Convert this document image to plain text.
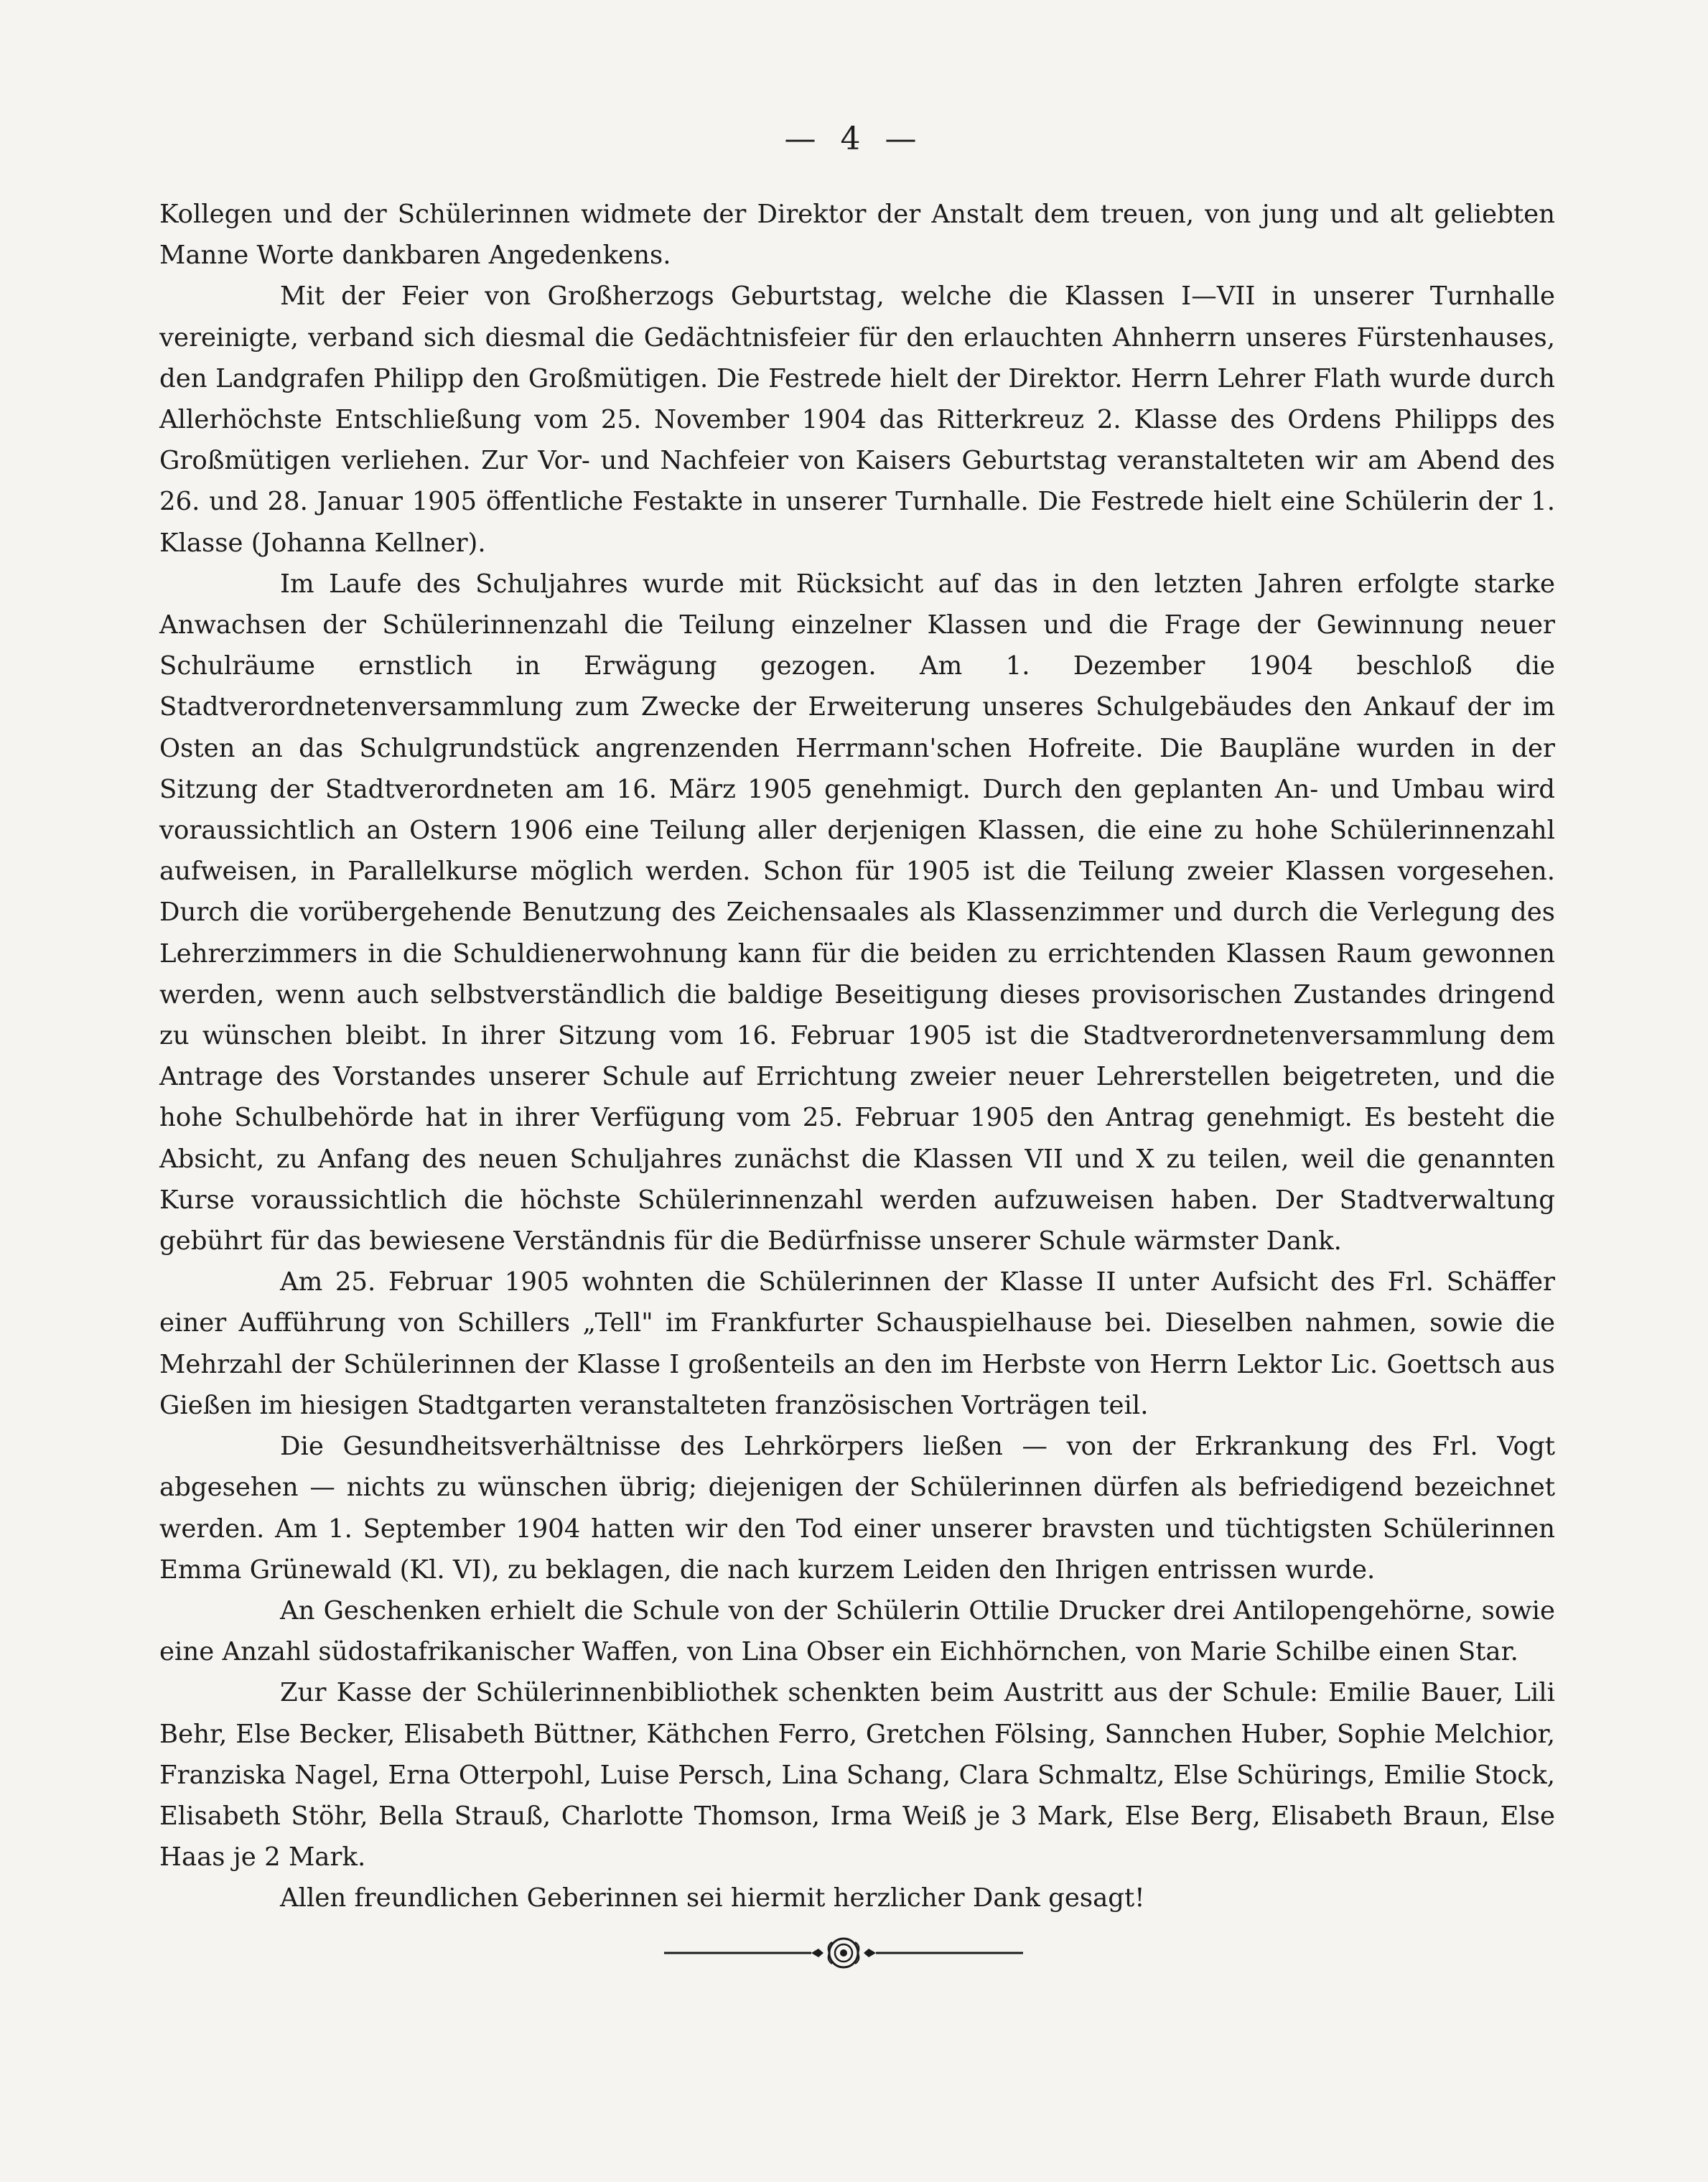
— 4 —

Kollegen und der Schülerinnen widmete der Direktor der Anstalt dem treuen, von jung und alt geliebten Manne Worte dankbaren Angedenkens.

Mit der Feier von Großherzogs Geburtstag, welche die Klassen I—VII in unserer Turnhalle vereinigte, verband sich diesmal die Gedächtnisfeier für den erlauchten Ahnherrn unseres Fürstenhauses, den Landgrafen Philipp den Großmütigen. Die Festrede hielt der Direktor. Herrn Lehrer Flath wurde durch Allerhöchste Entschließung vom 25. November 1904 das Ritterkreuz 2. Klasse des Ordens Philipps des Großmütigen verliehen. Zur Vor- und Nachfeier von Kaisers Geburtstag veranstalteten wir am Abend des 26. und 28. Januar 1905 öffentliche Festakte in unserer Turnhalle. Die Festrede hielt eine Schülerin der 1. Klasse (Johanna Kellner).

Im Laufe des Schuljahres wurde mit Rücksicht auf das in den letzten Jahren erfolgte starke Anwachsen der Schülerinnenzahl die Teilung einzelner Klassen und die Frage der Gewinnung neuer Schulräume ernstlich in Erwägung gezogen. Am 1. Dezember 1904 beschloß die Stadtverordnetenversammlung zum Zwecke der Erweiterung unseres Schulgebäudes den Ankauf der im Osten an das Schulgrundstück angrenzenden Herrmann'schen Hofreite. Die Baupläne wurden in der Sitzung der Stadtverordneten am 16. März 1905 genehmigt. Durch den geplanten An- und Umbau wird voraussichtlich an Ostern 1906 eine Teilung aller derjenigen Klassen, die eine zu hohe Schülerinnenzahl aufweisen, in Parallelkurse möglich werden. Schon für 1905 ist die Teilung zweier Klassen vorgesehen. Durch die vorübergehende Benutzung des Zeichensaales als Klassenzimmer und durch die Verlegung des Lehrerzimmers in die Schuldienerwohnung kann für die beiden zu errichtenden Klassen Raum gewonnen werden, wenn auch selbstverständlich die baldige Beseitigung dieses provisorischen Zustandes dringend zu wünschen bleibt. In ihrer Sitzung vom 16. Februar 1905 ist die Stadtverordnetenversammlung dem Antrage des Vorstandes unserer Schule auf Errichtung zweier neuer Lehrerstellen beigetreten, und die hohe Schulbehörde hat in ihrer Verfügung vom 25. Februar 1905 den Antrag genehmigt. Es besteht die Absicht, zu Anfang des neuen Schuljahres zunächst die Klassen VII und X zu teilen, weil die genannten Kurse voraussichtlich die höchste Schülerinnenzahl werden aufzuweisen haben. Der Stadtverwaltung gebührt für das bewiesene Verständnis für die Bedürfnisse unserer Schule wärmster Dank.

Am 25. Februar 1905 wohnten die Schülerinnen der Klasse II unter Aufsicht des Frl. Schäffer einer Aufführung von Schillers „Tell" im Frankfurter Schauspielhause bei. Dieselben nahmen, sowie die Mehrzahl der Schülerinnen der Klasse I großenteils an den im Herbste von Herrn Lektor Lic. Goettsch aus Gießen im hiesigen Stadtgarten veranstalteten französischen Vorträgen teil.

Die Gesundheitsverhältnisse des Lehrkörpers ließen — von der Erkrankung des Frl. Vogt abgesehen — nichts zu wünschen übrig; diejenigen der Schülerinnen dürfen als befriedigend bezeichnet werden. Am 1. September 1904 hatten wir den Tod einer unserer bravsten und tüchtigsten Schülerinnen Emma Grünewald (Kl. VI), zu beklagen, die nach kurzem Leiden den Ihrigen entrissen wurde.

An Geschenken erhielt die Schule von der Schülerin Ottilie Drucker drei Antilopengehörne, sowie eine Anzahl südostafrikanischer Waffen, von Lina Obser ein Eichhörnchen, von Marie Schilbe einen Star.

Zur Kasse der Schülerinnenbibliothek schenkten beim Austritt aus der Schule: Emilie Bauer, Lili Behr, Else Becker, Elisabeth Büttner, Käthchen Ferro, Gretchen Fölsing, Sannchen Huber, Sophie Melchior, Franziska Nagel, Erna Otterpohl, Luise Persch, Lina Schang, Clara Schmaltz, Else Schürings, Emilie Stock, Elisabeth Stöhr, Bella Strauß, Charlotte Thomson, Irma Weiß je 3 Mark, Else Berg, Elisabeth Braun, Else Haas je 2 Mark.

Allen freundlichen Geberinnen sei hiermit herzlicher Dank gesagt!
